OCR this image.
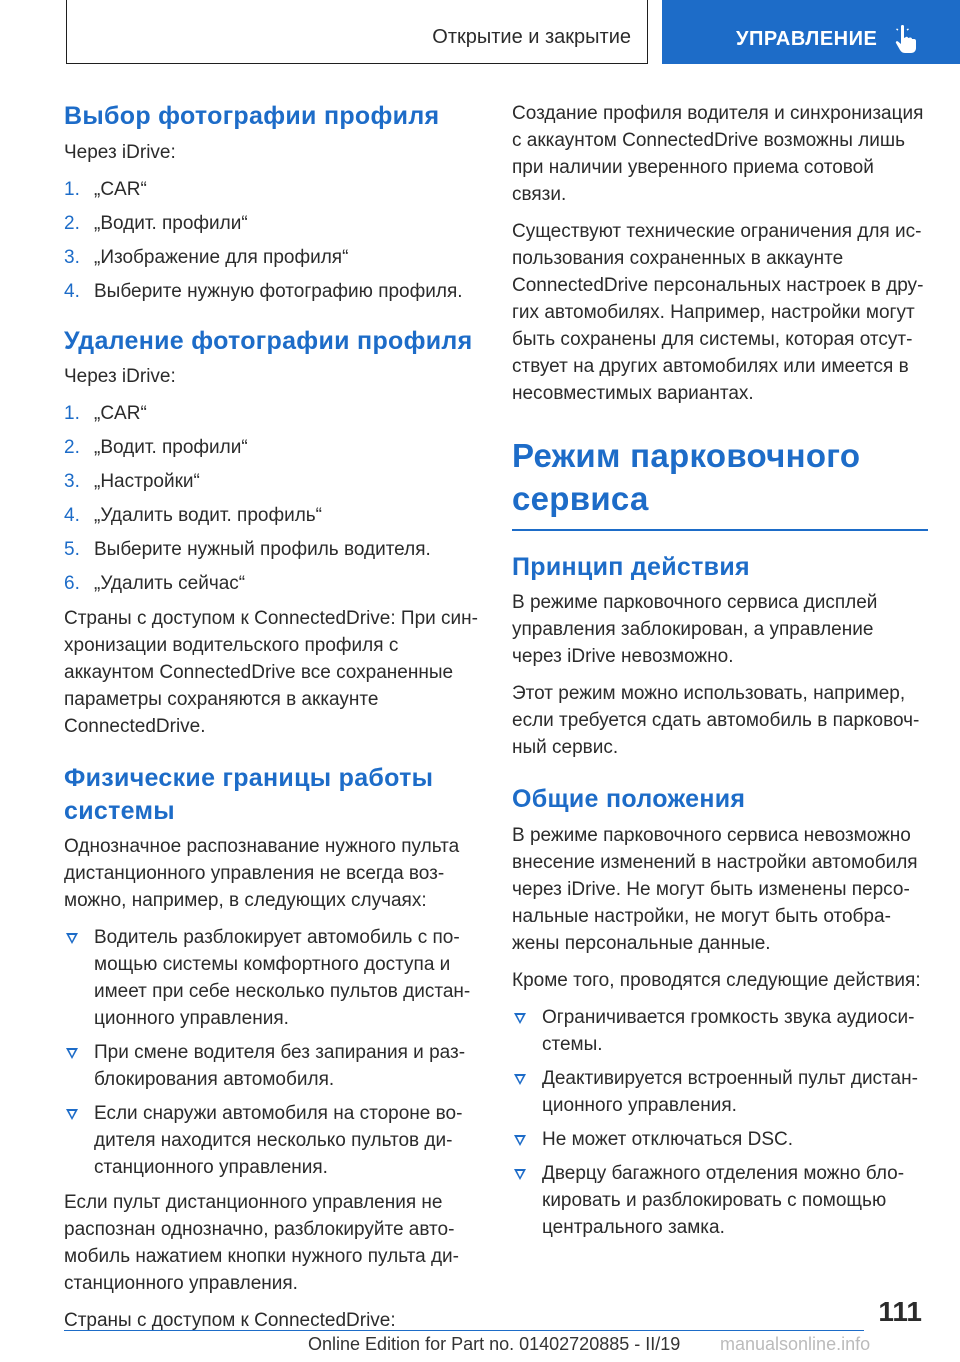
Открытие и закрытие	УПРАВЛЕНИЕ
Выбор фотографии профиля

Через iDrive:

1. „CAR“
2. „Водит. профили“
3. „Изображение для профиля“
4. Выберите нужную фотографию профиля.
Удаление фотографии профиля

Через iDrive:

1. „CAR“
2. „Водит. профили“
3. „Настройки“
4. „Удалить водит. профиль“
5. Выберите нужный профиль водителя.
6. „Удалить сейчас“

Страны с доступом к ConnectedDrive: При синхронизации водительского профиля с аккаунтом ConnectedDrive все сохраненные параметры сохраняются в аккаунте ConnectedDrive.

Физические границы работы системы

Однозначное распознавание нужного пульта дистанционного управления не всегда возможно, например, в следующих случаях:

Водитель разблокирует автомобиль с помощью системы комфортного доступа и имеет при себе несколько пультов дистанционного управления.
При смене водителя без запирания и разблокирования автомобиля.
Если снаружи автомобиля на стороне водителя находится несколько пультов дистанционного управления.

Если пульт дистанционного управления не распознан однозначно, разблокируйте автомобиль нажатием кнопки нужного пульта дистанционного управления.

Страны с доступом к ConnectedDrive:

Создание профиля водителя и синхронизация с аккаунтом ConnectedDrive возможны лишь при наличии уверенного приема сотовой связи.

Существуют технические ограничения для использования сохраненных в аккаунте ConnectedDrive персональных настроек в других автомобилях. Например, настройки могут быть сохранены для системы, которая отсутствует на других автомобилях или имеется в несовместимых вариантах.

Режим парковочного сервиса
Принцип действия

В режиме парковочного сервиса дисплей управления заблокирован, а управление через iDrive невозможно.

Этот режим можно использовать, например, если требуется сдать автомобиль в парковочный сервис.

Общие положения

В режиме парковочного сервиса невозможно внесение изменений в настройки автомобиля через iDrive. Не могут быть изменены персональные настройки, не могут быть отображены персональные данные.

Кроме того, проводятся следующие действия:

Ограничивается громкость звука аудиосистемы.
Деактивируется встроенный пульт дистанционного управления.
Не может отключаться DSC.
Дверцу багажного отделения можно блокировать и разблокировать с помощью центрального замка.
111
Online Edition for Part no. 01402720885 - II/19 manualsonline.info
